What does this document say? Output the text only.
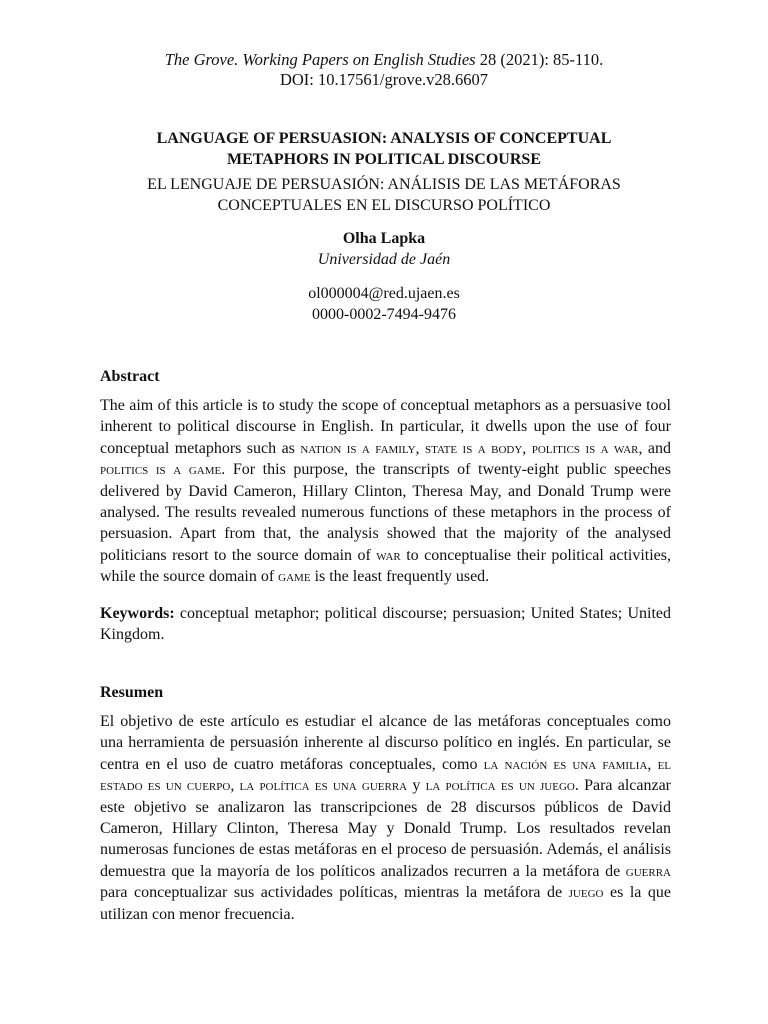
The Grove. Working Papers on English Studies 28 (2021): 85-110.
DOI: 10.17561/grove.v28.6607
LANGUAGE OF PERSUASION: ANALYSIS OF CONCEPTUAL
METAPHORS IN POLITICAL DISCOURSE
EL LENGUAJE DE PERSUASIÓN: ANÁLISIS DE LAS METÁFORAS
CONCEPTUALES EN EL DISCURSO POLÍTICO
Olha Lapka
Universidad de Jaén
ol000004@red.ujaen.es
0000-0002-7494-9476
Abstract

The aim of this article is to study the scope of conceptual metaphors as a persuasive tool inherent to political discourse in English. In particular, it dwells upon the use of four conceptual metaphors such as nation is a family, state is a body, politics is a war, and politics is a game. For this purpose, the transcripts of twenty-eight public speeches delivered by David Cameron, Hillary Clinton, Theresa May, and Donald Trump were analysed. The results revealed numerous functions of these metaphors in the process of persuasion. Apart from that, the analysis showed that the majority of the analysed politicians resort to the source domain of war to conceptualise their political activities, while the source domain of game is the least frequently used.

Keywords: conceptual metaphor; political discourse; persuasion; United States; United Kingdom.
Resumen

El objetivo de este artículo es estudiar el alcance de las metáforas conceptuales como una herramienta de persuasión inherente al discurso político en inglés. En particular, se centra en el uso de cuatro metáforas conceptuales, como la nación es una familia, el estado es un cuerpo, la política es una guerra y la política es un juego. Para alcanzar este objetivo se analizaron las transcripciones de 28 discursos públicos de David Cameron, Hillary Clinton, Theresa May y Donald Trump. Los resultados revelan numerosas funciones de estas metáforas en el proceso de persuasión. Además, el análisis demuestra que la mayoría de los políticos analizados recurren a la metáfora de guerra para conceptualizar sus actividades políticas, mientras la metáfora de juego es la que utilizan con menor frecuencia.
